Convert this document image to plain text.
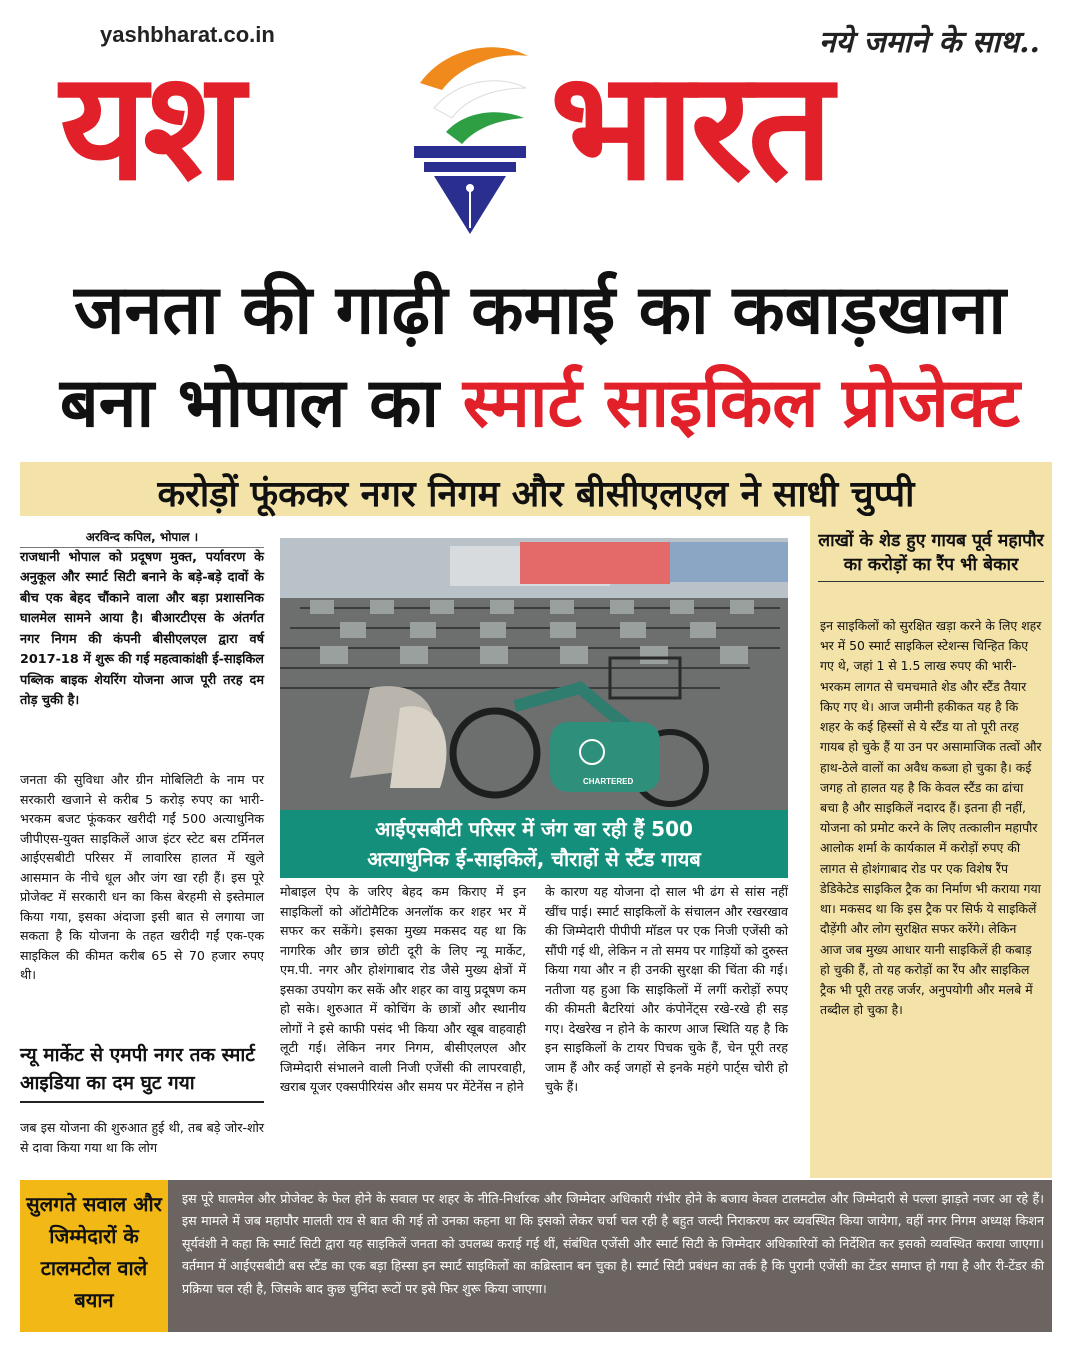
yashbharat.co.in	नये जमाने के साथ..
यश भारत
जनता की गाढ़ी कमाई का कबाड़खाना
बना भोपाल का स्मार्ट साइकिल प्रोजेक्ट
करोड़ों फूंककर नगर निगम और बीसीएलएल ने साधी चुप्पी
अरविन्द कपिल, भोपाल ।
राजधानी भोपाल को प्रदूषण मुक्त, पर्यावरण के अनुकूल और स्मार्ट सिटी बनाने के बड़े-बड़े दावों के बीच एक बेहद चौंकाने वाला और बड़ा प्रशासनिक घालमेल सामने आया है। बीआरटीएस के अंतर्गत नगर निगम की कंपनी बीसीएलएल द्वारा वर्ष 2017-18 में शुरू की गई महत्वाकांक्षी ई-साइकिल पब्लिक बाइक शेयरिंग योजना आज पूरी तरह दम तोड़ चुकी है।
जनता की सुविधा और ग्रीन मोबिलिटी के नाम पर सरकारी खजाने से करीब 5 करोड़ रुपए का भारी-भरकम बजट फूंककर खरीदी गईं 500 अत्याधुनिक जीपीएस-युक्त साइकिलें आज इंटर स्टेट बस टर्मिनल आईएसबीटी परिसर में लावारिस हालत में खुले आसमान के नीचे धूल और जंग खा रही हैं। इस पूरे प्रोजेक्ट में सरकारी धन का किस बेरहमी से इस्तेमाल किया गया, इसका अंदाजा इसी बात से लगाया जा सकता है कि योजना के तहत खरीदी गईं एक-एक साइकिल की कीमत करीब 65 से 70 हजार रुपए थी।
न्यू मार्केट से एमपी नगर तक स्मार्ट आइडिया का दम घुट गया
जब इस योजना की शुरुआत हुई थी, तब बड़े जोर-शोर से दावा किया गया था कि लोग
CHARTERED
आईएसबीटी परिसर में जंग खा रही हैं 500
अत्याधुनिक ई-साइकिलें, चौराहों से स्टैंड गायब
मोबाइल ऐप के जरिए बेहद कम किराए में इन साइकिलों को ऑटोमैटिक अनलॉक कर शहर भर में सफर कर सकेंगे। इसका मुख्य मकसद यह था कि नागरिक और छात्र छोटी दूरी के लिए न्यू मार्केट, एम.पी. नगर और होशंगाबाद रोड जैसे मुख्य क्षेत्रों में इसका उपयोग कर सकें और शहर का वायु प्रदूषण कम हो सके। शुरुआत में कोचिंग के छात्रों और स्थानीय लोगों ने इसे काफी पसंद भी किया और खूब वाहवाही लूटी गई। लेकिन नगर निगम, बीसीएलएल और जिम्मेदारी संभालने वाली निजी एजेंसी की लापरवाही, खराब यूजर एक्सपीरियंस और समय पर मेंटेनेंस न होने
के कारण यह योजना दो साल भी ढंग से सांस नहीं खींच पाई। स्मार्ट साइकिलों के संचालन और रखरखाव की जिम्मेदारी पीपीपी मॉडल पर एक निजी एजेंसी को सौंपी गई थी, लेकिन न तो समय पर गाड़ियों को दुरुस्त किया गया और न ही उनकी सुरक्षा की चिंता की गई। नतीजा यह हुआ कि साइकिलों में लगीं करोड़ों रुपए की कीमती बैटरियां और कंपोनेंट्स रखे-रखे ही सड़ गए। देखरेख न होने के कारण आज स्थिति यह है कि इन साइकिलों के टायर पिचक चुके हैं, चेन पूरी तरह जाम हैं और कई जगहों से इनके महंगे पार्ट्स चोरी हो चुके हैं।
लाखों के शेड हुए गायब पूर्व महापौर का करोड़ों का रैंप भी बेकार
इन साइकिलों को सुरक्षित खड़ा करने के लिए शहर भर में 50 स्मार्ट साइकिल स्टेशन्स चिन्हित किए गए थे, जहां 1 से 1.5 लाख रुपए की भारी-भरकम लागत से चमचमाते शेड और स्टैंड तैयार किए गए थे। आज जमीनी हकीकत यह है कि शहर के कई हिस्सों से ये स्टैंड या तो पूरी तरह गायब हो चुके हैं या उन पर असामाजिक तत्वों और हाथ-ठेले वालों का अवैध कब्जा हो चुका है। कई जगह तो हालत यह है कि केवल स्टैंड का ढांचा बचा है और साइकिलें नदारद हैं। इतना ही नहीं, योजना को प्रमोट करने के लिए तत्कालीन महापौर आलोक शर्मा के कार्यकाल में करोड़ों रुपए की लागत से होशंगाबाद रोड पर एक विशेष रैंप डेडिकेटेड साइकिल ट्रैक का निर्माण भी कराया गया था। मकसद था कि इस ट्रैक पर सिर्फ ये साइकिलें दौड़ेंगी और लोग सुरक्षित सफर करेंगे। लेकिन आज जब मुख्य आधार यानी साइकिलें ही कबाड़ हो चुकी हैं, तो यह करोड़ों का रैंप और साइकिल ट्रैक भी पूरी तरह जर्जर, अनुपयोगी और मलबे में तब्दील हो चुका है।
सुलगते सवाल और जिम्मेदारों के टालमटोल वाले बयान
इस पूरे घालमेल और प्रोजेक्ट के फेल होने के सवाल पर शहर के नीति-निर्धारक और जिम्मेदार अधिकारी गंभीर होने के बजाय केवल टालमटोल और जिम्मेदारी से पल्ला झाड़ते नजर आ रहे हैं। इस मामले में जब महापौर मालती राय से बात की गई तो उनका कहना था कि इसको लेकर चर्चा चल रही है बहुत जल्दी निराकरण कर व्यवस्थित किया जायेगा, वहीं नगर निगम अध्यक्ष किशन सूर्यवंशी ने कहा कि स्मार्ट सिटी द्वारा यह साइकिलें जनता को उपलब्ध कराई गई थीं, संबंधित एजेंसी और स्मार्ट सिटी के जिम्मेदार अधिकारियों को निर्देशित कर इसको व्यवस्थित कराया जाएगा। वर्तमान में आईएसबीटी बस स्टैंड का एक बड़ा हिस्सा इन स्मार्ट साइकिलों का कब्रिस्तान बन चुका है। स्मार्ट सिटी प्रबंधन का तर्क है कि पुरानी एजेंसी का टेंडर समाप्त हो गया है और री-टेंडर की प्रक्रिया चल रही है, जिसके बाद कुछ चुनिंदा रूटों पर इसे फिर शुरू किया जाएगा।
